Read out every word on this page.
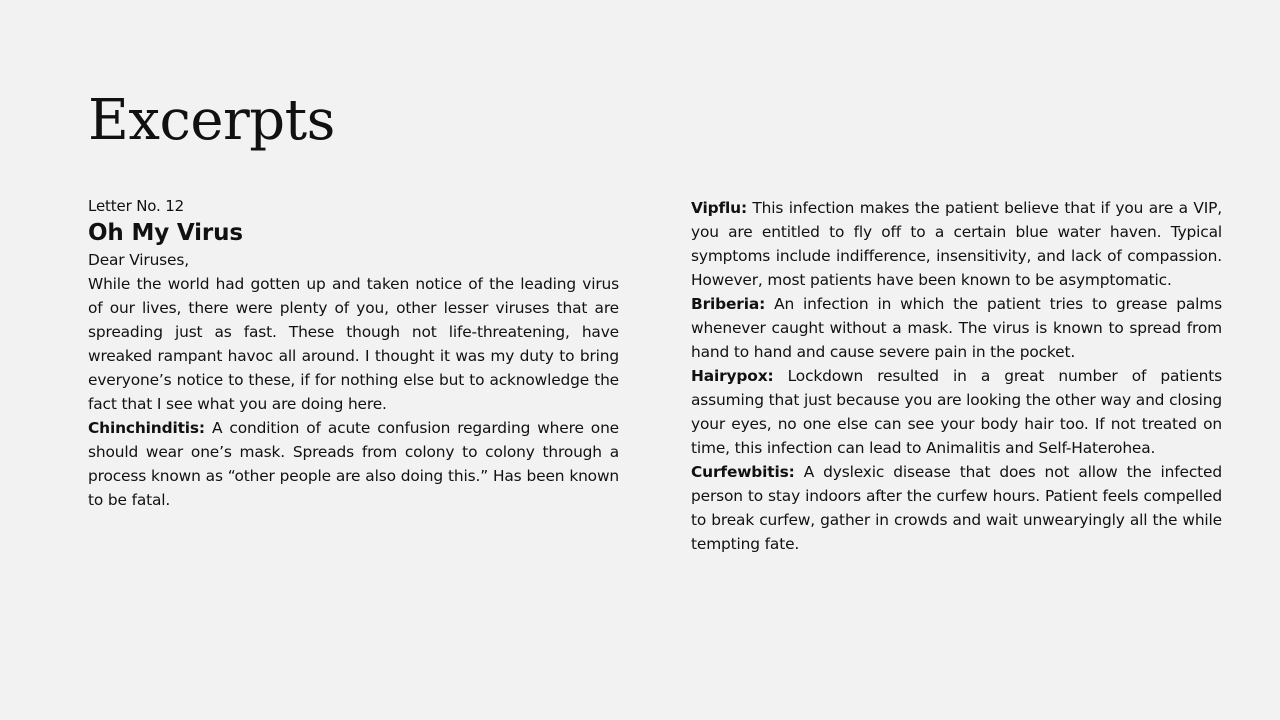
Excerpts

Letter No. 12

Oh My Virus

Dear Viruses,

While the world had gotten up and taken notice of the leading virus of our lives, there were plenty of you, other lesser viruses that are spreading just as fast. These though not life-threatening, have wreaked rampant havoc all around. I thought it was my duty to bring everyone’s notice to these, if for nothing else but to acknowledge the fact that I see what you are doing here.

Chinchinditis: A condition of acute confusion regarding where one should wear one’s mask. Spreads from colony to colony through a process known as “other people are also doing this.” Has been known to be fatal.

Vipflu: This infection makes the patient believe that if you are a VIP, you are entitled to fly off to a certain blue water haven. Typical symptoms include indifference, insensitivity, and lack of compassion. However, most patients have been known to be asymptomatic.

Briberia: An infection in which the patient tries to grease palms whenever caught without a mask. The virus is known to spread from hand to hand and cause severe pain in the pocket.

Hairypox: Lockdown resulted in a great number of patients assuming that just because you are looking the other way and closing your eyes, no one else can see your body hair too. If not treated on time, this infection can lead to Animalitis and Self-Haterohea.

Curfewbitis: A dyslexic disease that does not allow the infected person to stay indoors after the curfew hours. Patient feels compelled to break curfew, gather in crowds and wait unwearyingly all the while tempting fate.
